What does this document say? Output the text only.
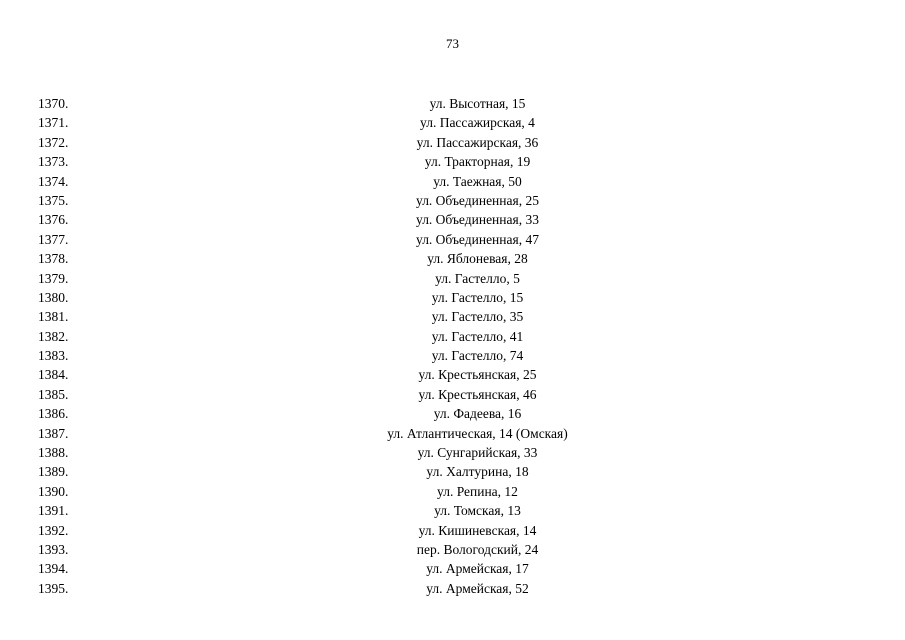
73
1370.	ул. Высотная, 15
1371.	ул. Пассажирская, 4
1372.	ул. Пассажирская, 36
1373.	ул. Тракторная, 19
1374.	ул. Таежная, 50
1375.	ул. Объединенная, 25
1376.	ул. Объединенная, 33
1377.	ул. Объединенная, 47
1378.	ул. Яблоневая, 28
1379.	ул. Гастелло, 5
1380.	ул. Гастелло, 15
1381.	ул. Гастелло, 35
1382.	ул. Гастелло, 41
1383.	ул. Гастелло, 74
1384.	ул. Крестьянская, 25
1385.	ул. Крестьянская, 46
1386.	ул. Фадеева, 16
1387.	ул. Атлантическая, 14 (Омская)
1388.	ул. Сунгарийская, 33
1389.	ул. Халтурина, 18
1390.	ул. Репина, 12
1391.	ул. Томская, 13
1392.	ул. Кишиневская, 14
1393.	пер. Вологодский, 24
1394.	ул. Армейская, 17
1395.	ул. Армейская, 52
